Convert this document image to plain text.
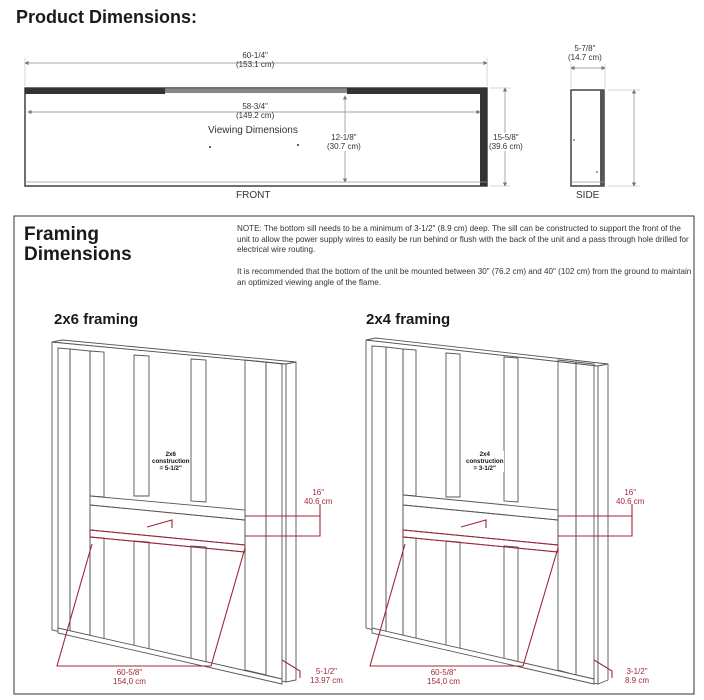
Product Dimensions:
60-1/4"
(153.1 cm)
58-3/4"
(149.2 cm)
Viewing Dimensions
12-1/8"
(30.7 cm)
15-5/8"
(39.6 cm)
FRONT
5-7/8"
(14.7 cm)
SIDE
Framing
Dimensions
NOTE: The bottom sill needs to be a minimum of 3-1/2" (8.9 cm) deep. The sill can be constructed to support the front of the unit to allow the power supply wires to easily be run behind or flush with the back of the unit and a pass through hole drilled for electrical wire routing.
It is recommended that the bottom of the unit be mounted between 30" (76.2 cm) and 40" (102 cm) from the ground to maintain an optimized viewing angle of the flame.
2x6 framing
2x6
construction
= 5-1/2"
16"
40.6 cm
60-5/8"
154,0 cm
5-1/2"
13.97 cm
2x4 framing
2x4
construction
= 3-1/2"
16"
40.6 cm
60-5/8"
154,0 cm
3-1/2"
8.9 cm
